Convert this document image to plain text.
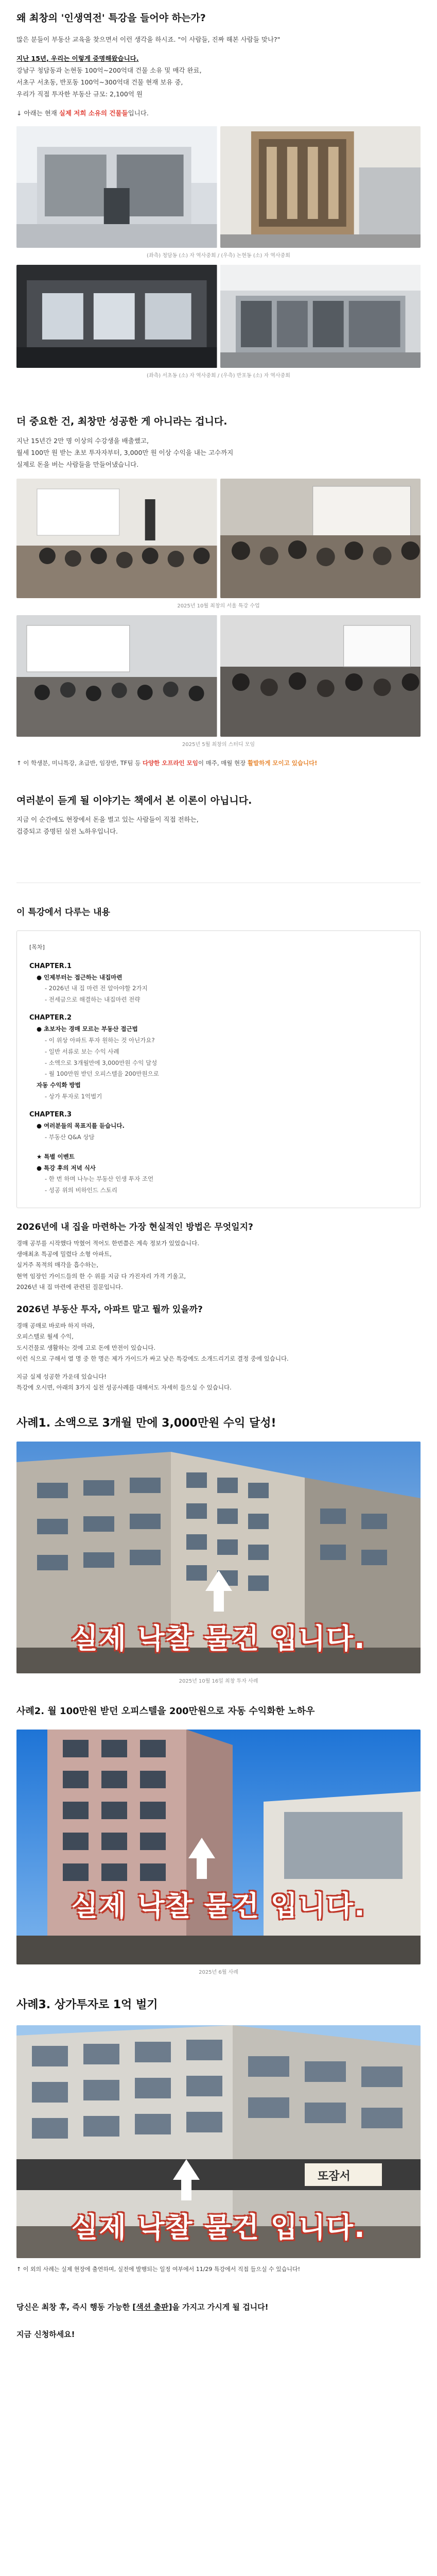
왜 최창의 '인생역전' 특강을 들어야 하는가?

많은 분들이 부동산 교육을 찾으면서 이런 생각을 하시죠. "이 사람들, 진짜 해본 사람들 맞나?"

지난 15년, 우리는 이렇게 증명해왔습니다.

강남구 청담동과 논현동 100억~200억대 건물 소유 및 매각 완료,

서초구 서초동, 반포동 100억~300억대 건물 현재 보유 중,

우리가 직접 투자한 부동산 규모: 2,100억 원

↓ 아래는 현재 실제 저희 소유의 건물들입니다.

(좌측) 청담동 (소) 자 역사중회 / (우측) 논현동 (소) 자 역사중회

(좌측) 서초동 (소) 자 역사중회 / (우측) 반포동 (소) 자 역사중회

더 중요한 건, 최창만 성공한 게 아니라는 겁니다.

지난 15년간 2만 명 이상의 수강생을 배출했고,

월세 100만 원 받는 초보 투자자부터, 3,000만 원 이상 수익을 내는 고수까지

실제로 돈을 버는 사람들을 만들어냈습니다.

2025년 10월 최창의 서울 특강 수업

2025년 5월 최창의 스터디 모임

↑ 이 학생분, 미니특강, 초급반, 임장반, TF팀 등 다양한 오프라인 모임이 매주, 매월 현장 활발하게 모이고 있습니다!

여러분이 듣게 될 이야기는 책에서 본 이론이 아닙니다.

지금 이 순간에도 현장에서 돈을 벌고 있는 사람들이 직접 전하는,

검증되고 증명된 실전 노하우입니다.

이 특강에서 다루는 내용

[목차]

CHAPTER.1
● 인제부터는 접근하는 내집마련
- 2026년 내 집 마련 전 알아야할 2가지
- 전세금으로 해결하는 내집마련 전략
CHAPTER.2
● 초보자는 경매 모르는 부동산 접근법
- 이 위상 아파트 투자 원하는 것 아닌가요?
- 일반 서류로 보는 수익 사례
- 소액으로 3개월만에 3,000만원 수익 달성
- 월 100만원 받던 오피스텔을 200만원으로
자동 수익화 방법
- 상가 투자로 1억벌기
CHAPTER.3
● 여러분들의 목표지를 듣습니다.
- 부동산 Q&A 상담
★ 특별 이벤트
● 특강 후의 저녁 식사
- 한 번 하며 나누는 부동산 인생 투자 조언
- 성공 위의 비하인드 스토리
2026년에 내 집을 마련하는 가장 현실적인 방법은 무엇일지?

경매 공부를 시작했다 막혔어 적어도 한번쯤은 계속 정보가 있었습니다.

생애최초 특공에 밀렸다 소형 아파트,

실거주 목적의 매각을 흡수하는,

현역 임장인 가이드들의 한 수 위를 지금 다 가진자리 가격 기울고,

2026년 내 집 마련에 관련된 질문입니다.

2026년 부동산 투자, 아파트 말고 뭘까 있을까?

경매 공매로 바로바 하지 마라,

오피스텔로 월세 수익,

도시건물로 생활하는 것에 고로 돈에 만전이 있습니다.

이런 식으로 구해서 열 명 중 한 명은 제가 가이드가 싸고 낮은 특강에도 소개드리기로 결정 중에 있습니다.

지금 실제 성공한 가운데 있습니다!

특강에 오시면, 아래의 3가지 실전 성공사례를 대해서도 자세히 들으실 수 있습니다.

사례1. 소액으로 3개월 만에 3,000만원 수익 달성!
실제 낙찰 물건 입니다.

2025년 10월 16일 최창 투자 사례

사례2. 월 100만원 받던 오피스텔을 200만원으로 자동 수익화한 노하우
실제 낙찰 물건 입니다.

2025년 6월 사례

사례3. 상가투자로 1억 벌기
또잠서
실제 낙찰 물건 입니다.

↑ 이 외의 사례는 실제 현장에 출연하며, 실전에 발행되는 일정 여부에서 11/29 특강에서 직접 들으실 수 있습니다!

당신은 최창 후, 즉시 행동 가능한 [색션 출판]을 가지고 가시게 될 겁니다!

지금 신청하세요!
